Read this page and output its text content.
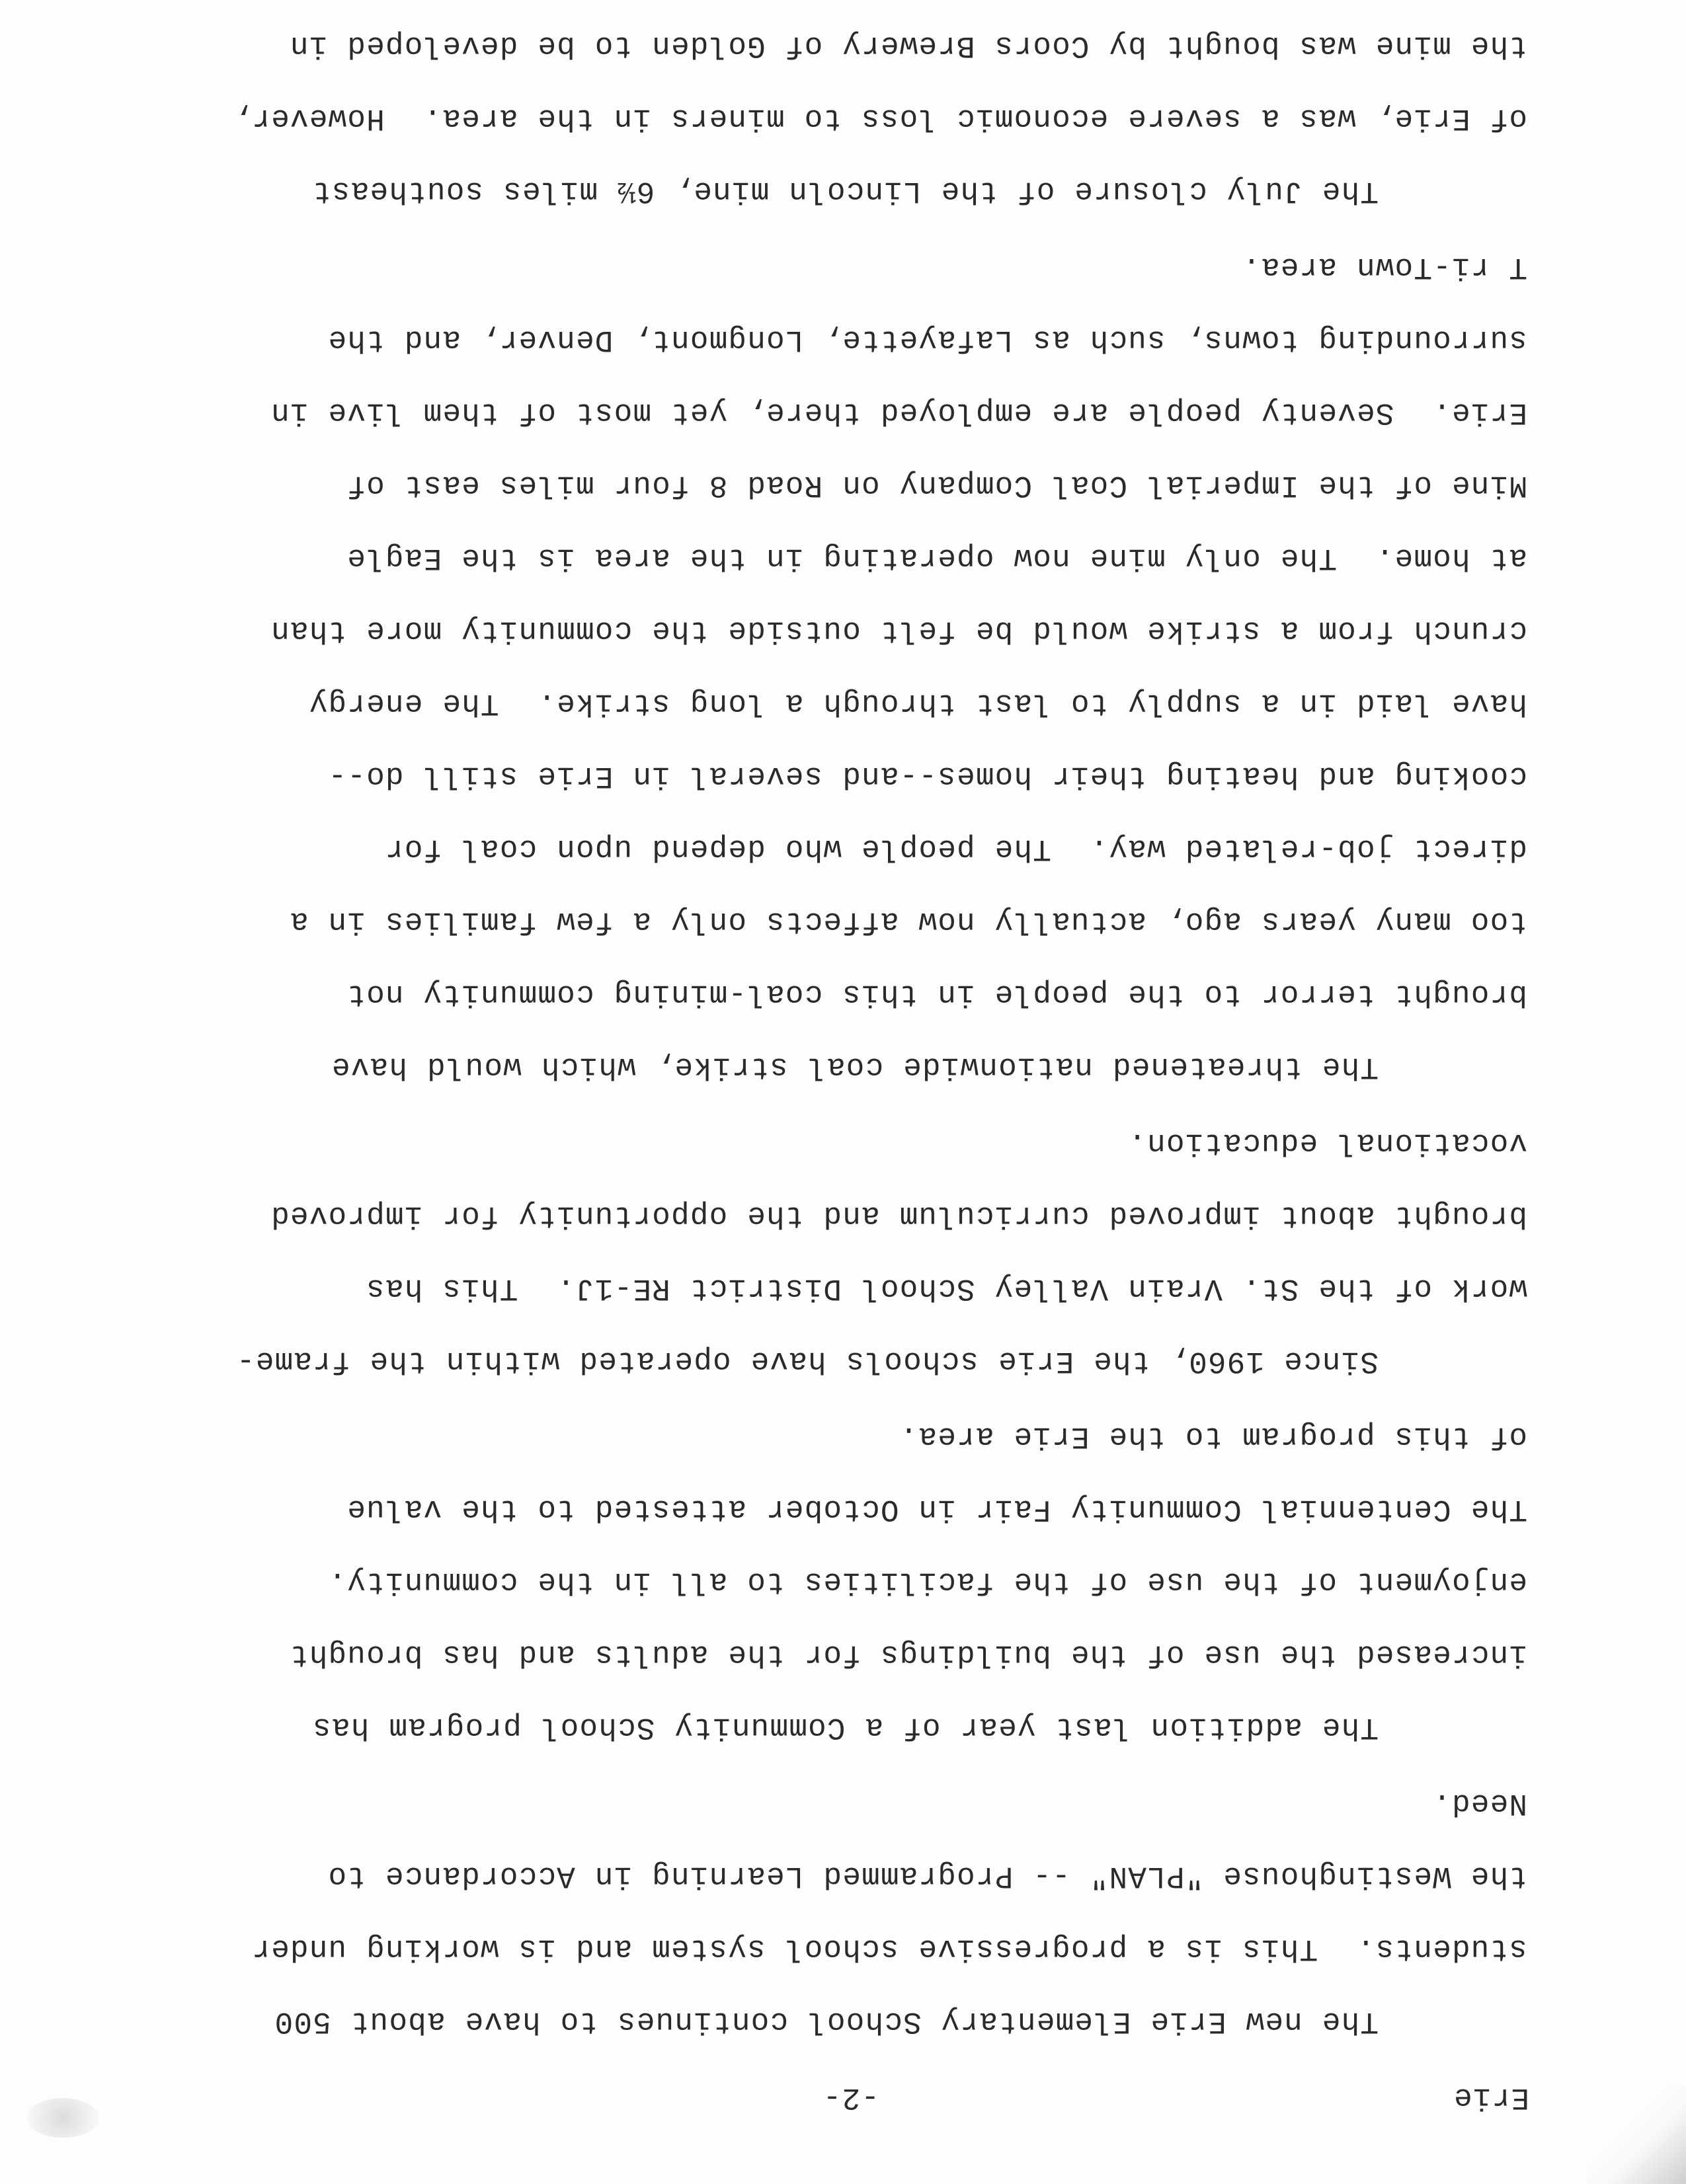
Erie
-2-
The new Erie Elementary School continues to have about 500
students.  This is a progressive school system and is working under
the Westinghouse "PLAN" -- Programmed Learning in Accordance to
Need.
The addition last year of a Community School program has
increased the use of the buildings for the adults and has brought
enjoyment of the use of the facilities to all in the community.
The Centennial Community Fair in October attested to the value
of this program to the Erie area.
Since 1960, the Erie schools have operated within the frame-
work of the St. Vrain Valley School District RE-1J.  This has
brought about improved curriculum and the opportunity for improved
vocational education.
The threatened nationwide coal strike, which would have
brought terror to the people in this coal-mining community not
too many years ago, actually now affects only a few families in a
direct job-related way.  The people who depend upon coal for
cooking and heating their homes--and several in Erie still do--
have laid in a supply to last through a long strike.  The energy
crunch from a strike would be felt outside the community more than
at home.  The only mine now operating in the area is the Eagle
Mine of the Imperial Coal Company on Road 8 four miles east of
Erie.  Seventy people are employed there, yet most of them live in
surrounding towns, such as Lafayette, Longmont, Denver, and the
T ri-Town area.
The July closure of the Lincoln mine, 6½ miles southeast
of Erie, was a severe economic loss to miners in the area.  However,
the mine was bought by Coors Brewery of Golden to be developed in
